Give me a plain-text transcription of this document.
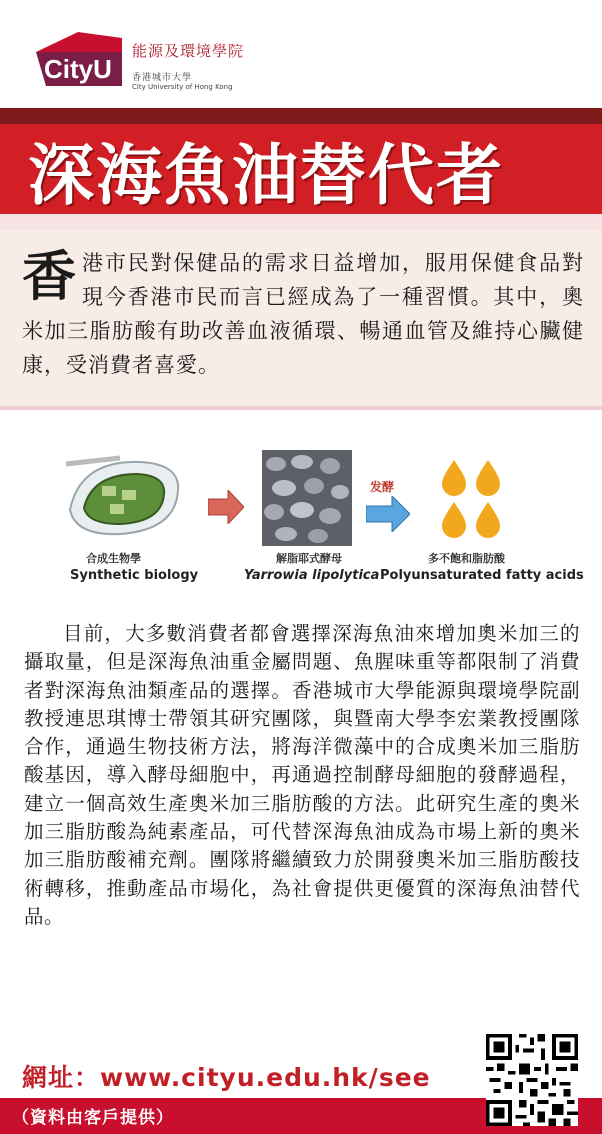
CityU
能源及環境學院
香港城市大學
City University of Hong Kong
深海魚油替代者
香 港市民對保健品的需求日益增加，服用保健食品對現今香港市民而言已經成為了一種習慣。其中，奧米加三脂肪酸有助改善血液循環、暢通血管及維持心臟健康，受消費者喜愛。

发酵
合成生物學
Synthetic biology
解脂耶式酵母
Yarrowia lipolytica
多不飽和脂肪酸
Polyunsaturated fatty acids

目前，大多數消費者都會選擇深海魚油來增加奧米加三的攝取量，但是深海魚油重金屬問題、魚腥味重等都限制了消費者對深海魚油類產品的選擇。香港城市大學能源與環境學院副教授連思琪博士帶領其研究團隊，與暨南大學李宏業教授團隊合作，通過生物技術方法，將海洋微藻中的合成奧米加三脂肪酸基因，導入酵母細胞中，再通過控制酵母細胞的發酵過程，建立一個高效生產奧米加三脂肪酸的方法。此研究生產的奧米加三脂肪酸為純素產品，可代替深海魚油成為市場上新的奧米加三脂肪酸補充劑。團隊將繼續致力於開發奧米加三脂肪酸技術轉移，推動產品市場化，為社會提供更優質的深海魚油替代品。

網址：www.cityu.edu.hk/see
（資料由客戶提供）
